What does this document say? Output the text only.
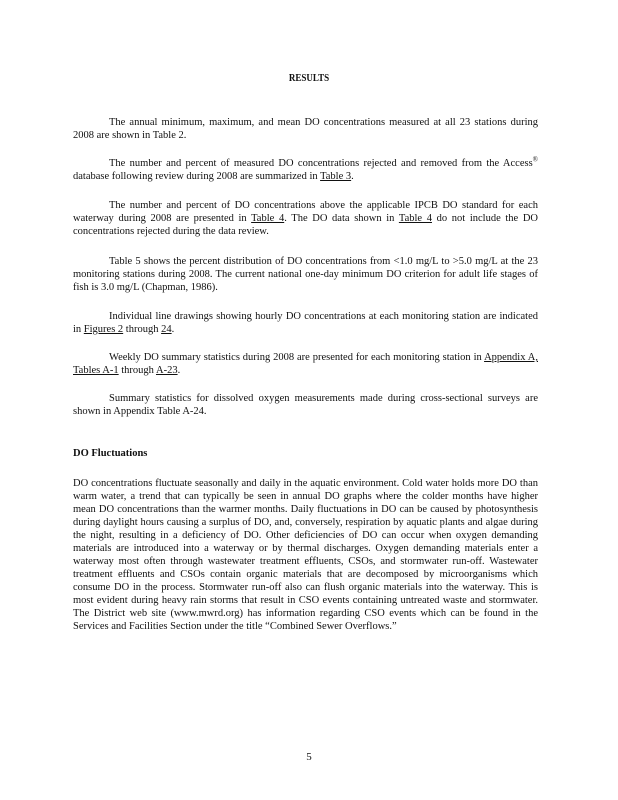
RESULTS
The annual minimum, maximum, and mean DO concentrations measured at all 23 stations during 2008 are shown in Table 2.
The number and percent of measured DO concentrations rejected and removed from the Access® database following review during 2008 are summarized in Table 3.
The number and percent of DO concentrations above the applicable IPCB DO standard for each waterway during 2008 are presented in Table 4. The DO data shown in Table 4 do not include the DO concentrations rejected during the data review.
Table 5 shows the percent distribution of DO concentrations from <1.0 mg/L to >5.0 mg/L at the 23 monitoring stations during 2008. The current national one-day minimum DO criterion for adult life stages of fish is 3.0 mg/L (Chapman, 1986).
Individual line drawings showing hourly DO concentrations at each monitoring station are indicated in Figures 2 through 24.
Weekly DO summary statistics during 2008 are presented for each monitoring station in Appendix A, Tables A-1 through A-23.
Summary statistics for dissolved oxygen measurements made during cross-sectional surveys are shown in Appendix Table A-24.
DO Fluctuations
DO concentrations fluctuate seasonally and daily in the aquatic environment. Cold water holds more DO than warm water, a trend that can typically be seen in annual DO graphs where the colder months have higher mean DO concentrations than the warmer months. Daily fluctuations in DO can be caused by photosynthesis during daylight hours causing a surplus of DO, and, conversely, respiration by aquatic plants and algae during the night, resulting in a deficiency of DO. Other deficiencies of DO can occur when oxygen demanding materials are introduced into a waterway or by thermal discharges. Oxygen demanding materials enter a waterway most often through wastewater treatment effluents, CSOs, and stormwater run-off. Wastewater treatment effluents and CSOs contain organic materials that are decomposed by microorganisms which consume DO in the process. Stormwater run-off also can flush organic materials into the waterway. This is most evident during heavy rain storms that result in CSO events containing untreated waste and stormwater. The District web site (www.mwrd.org) has information regarding CSO events which can be found in the Services and Facilities Section under the title “Combined Sewer Overflows.”
5
